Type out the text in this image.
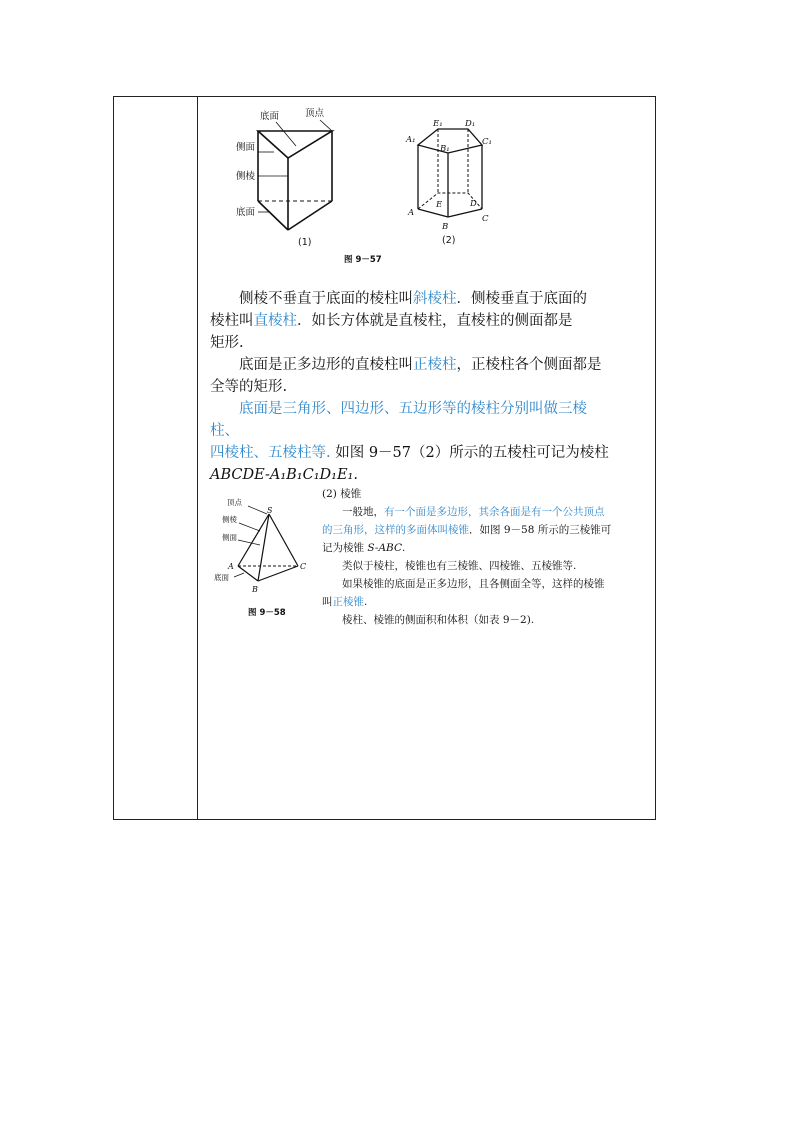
底面	顶点
侧面
侧棱
底面
(1)
A₁
E₁	D₁
C₁
B₁
A
E	D
B
C
(2)

图 9－57

侧棱不垂直于底面的棱柱叫斜棱柱．侧棱垂直于底面的
棱柱叫直棱柱．如长方体就是直棱柱，直棱柱的侧面都是
矩形.

底面是正多边形的直棱柱叫正棱柱，正棱柱各个侧面都是
全等的矩形.

底面是三角形、四边形、五边形等的棱柱分别叫做三棱柱、
四棱柱、五棱柱等. 如图 9－57（2）所示的五棱柱可记为棱柱
ABCDE-A₁B₁C₁D₁E₁.

顶点
侧棱
侧面
底面
S
A
B
C

图 9－58

(2) 棱锥

一般地，有一个面是多边形，其余各面是有一个公共顶点
的三角形，这样的多面体叫棱锥．如图 9－58 所示的三棱锥可
记为棱锥 S-ABC.

类似于棱柱，棱锥也有三棱锥、四棱锥、五棱锥等.

如果棱锥的底面是正多边形，且各侧面全等，这样的棱锥
叫正棱锥.

棱柱、棱锥的侧面积和体积（如表 9－2).
